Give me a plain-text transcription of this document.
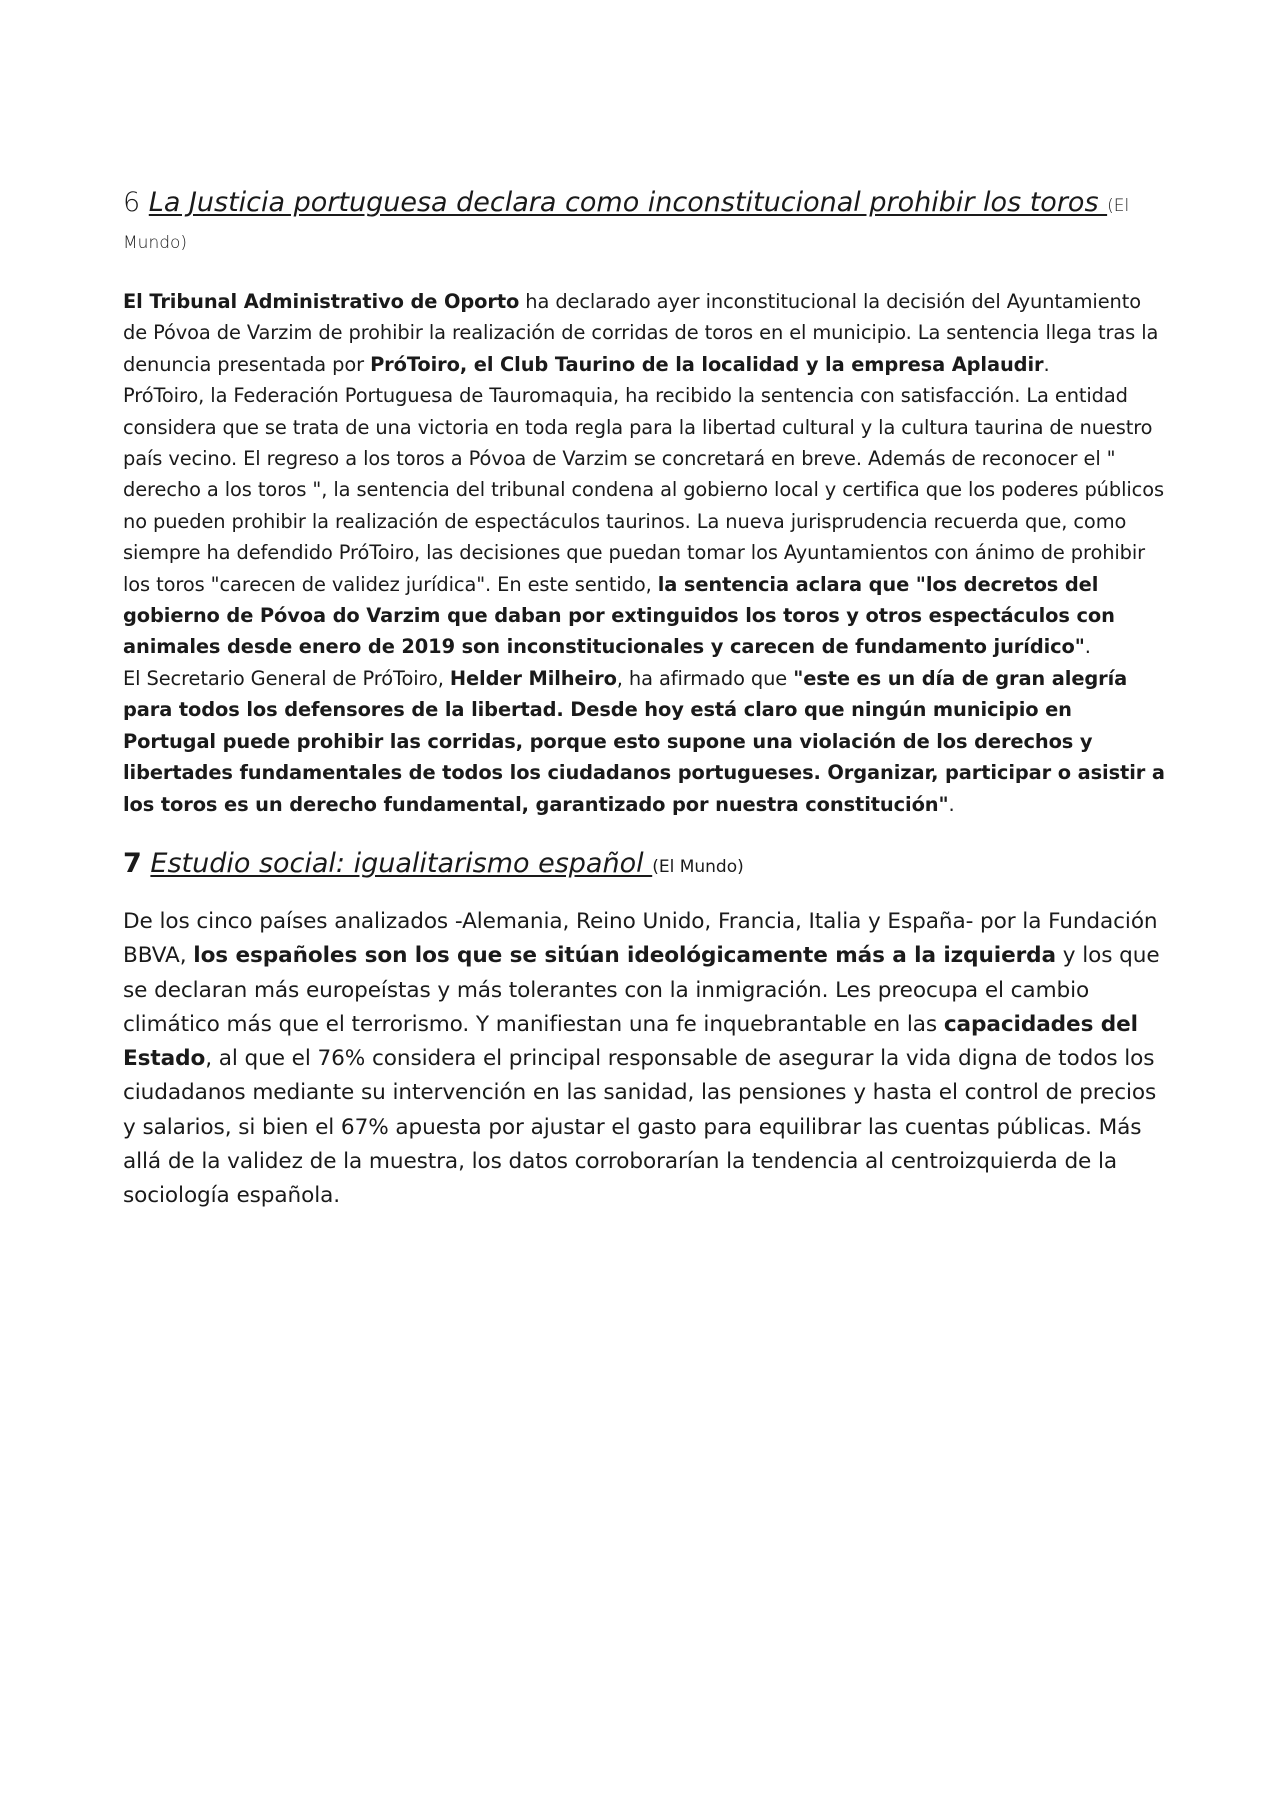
6 La Justicia portuguesa declara como inconstitucional prohibir los toros (El
Mundo)

El Tribunal Administrativo de Oporto ha declarado ayer inconstitucional la decisión del Ayuntamiento de Póvoa de Varzim de prohibir la realización de corridas de toros en el municipio. La sentencia llega tras la denuncia presentada por PróToiro, el Club Taurino de la localidad y la empresa Aplaudir.

PróToiro, la Federación Portuguesa de Tauromaquia, ha recibido la sentencia con satisfacción. La entidad considera que se trata de una victoria en toda regla para la libertad cultural y la cultura taurina de nuestro país vecino. El regreso a los toros a Póvoa de Varzim se concretará en breve. Además de reconocer el " derecho a los toros ", la sentencia del tribunal condena al gobierno local y certifica que los poderes públicos no pueden prohibir la realización de espectáculos taurinos. La nueva jurisprudencia recuerda que, como siempre ha defendido PróToiro, las decisiones que puedan tomar los Ayuntamientos con ánimo de prohibir los toros "carecen de validez jurídica". En este sentido, la sentencia aclara que "los decretos del gobierno de Póvoa do Varzim que daban por extinguidos los toros y otros espectáculos con animales desde enero de 2019 son inconstitucionales y carecen de fundamento jurídico".

El Secretario General de PróToiro, Helder Milheiro, ha afirmado que "este es un día de gran alegría para todos los defensores de la libertad. Desde hoy está claro que ningún municipio en Portugal puede prohibir las corridas, porque esto supone una violación de los derechos y libertades fundamentales de todos los ciudadanos portugueses. Organizar, participar o asistir a los toros es un derecho fundamental, garantizado por nuestra constitución".

7 Estudio social: igualitarismo español (El Mundo)

De los cinco países analizados -Alemania, Reino Unido, Francia, Italia y España- por la Fundación BBVA, los españoles son los que se sitúan ideológicamente más a la izquierda y los que se declaran más europeístas y más tolerantes con la inmigración. Les preocupa el cambio climático más que el terrorismo. Y manifiestan una fe inquebrantable en las capacidades del Estado, al que el 76% considera el principal responsable de asegurar la vida digna de todos los ciudadanos mediante su intervención en las sanidad, las pensiones y hasta el control de precios y salarios, si bien el 67% apuesta por ajustar el gasto para equilibrar las cuentas públicas. Más allá de la validez de la muestra, los datos corroborarían la tendencia al centroizquierda de la sociología española.
